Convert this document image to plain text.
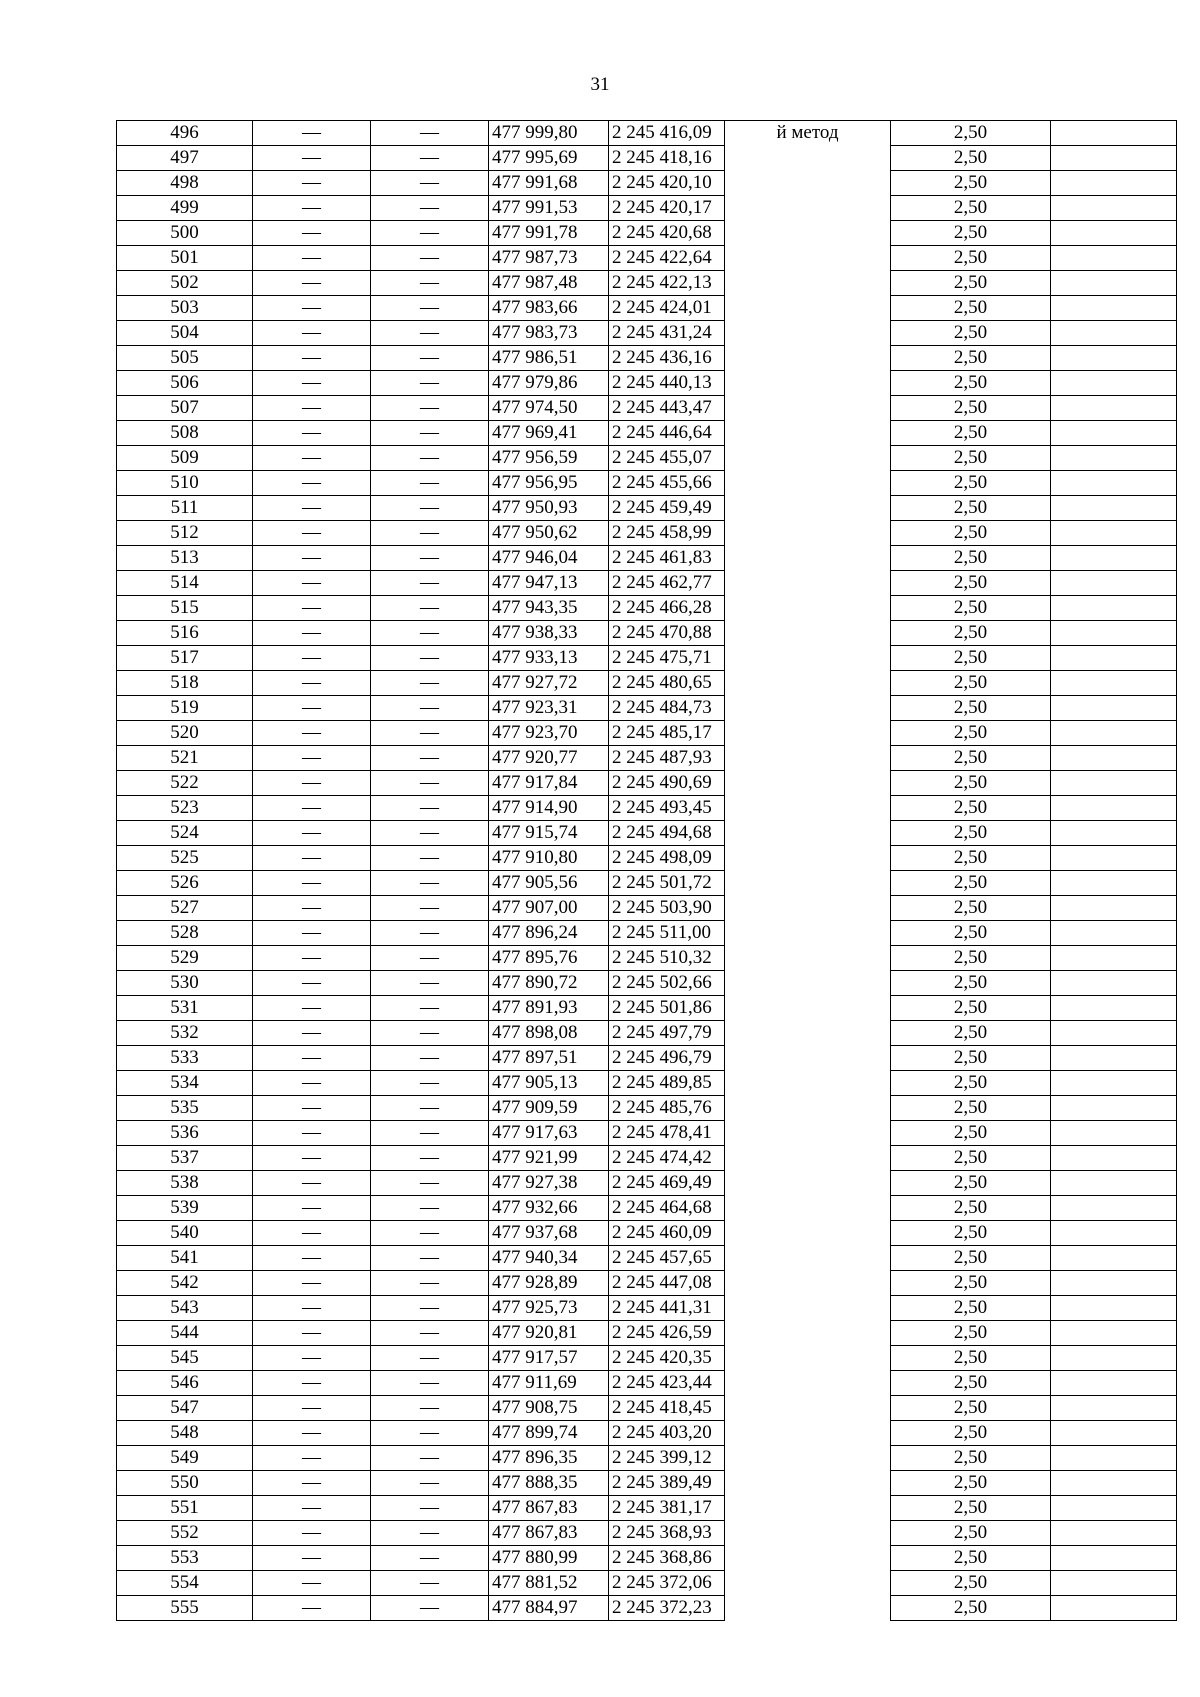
31
496	—	—	477 999,80	2 245 416,09	й метод	2,50	
497	—	—	477 995,69	2 245 418,16		2,50	
498	—	—	477 991,68	2 245 420,10		2,50	
499	—	—	477 991,53	2 245 420,17		2,50	
500	—	—	477 991,78	2 245 420,68		2,50	
501	—	—	477 987,73	2 245 422,64		2,50	
502	—	—	477 987,48	2 245 422,13		2,50	
503	—	—	477 983,66	2 245 424,01		2,50	
504	—	—	477 983,73	2 245 431,24		2,50	
505	—	—	477 986,51	2 245 436,16		2,50	
506	—	—	477 979,86	2 245 440,13		2,50	
507	—	—	477 974,50	2 245 443,47		2,50	
508	—	—	477 969,41	2 245 446,64		2,50	
509	—	—	477 956,59	2 245 455,07		2,50	
510	—	—	477 956,95	2 245 455,66		2,50	
511	—	—	477 950,93	2 245 459,49		2,50	
512	—	—	477 950,62	2 245 458,99		2,50	
513	—	—	477 946,04	2 245 461,83		2,50	
514	—	—	477 947,13	2 245 462,77		2,50	
515	—	—	477 943,35	2 245 466,28		2,50	
516	—	—	477 938,33	2 245 470,88		2,50	
517	—	—	477 933,13	2 245 475,71		2,50	
518	—	—	477 927,72	2 245 480,65		2,50	
519	—	—	477 923,31	2 245 484,73		2,50	
520	—	—	477 923,70	2 245 485,17		2,50	
521	—	—	477 920,77	2 245 487,93		2,50	
522	—	—	477 917,84	2 245 490,69		2,50	
523	—	—	477 914,90	2 245 493,45		2,50	
524	—	—	477 915,74	2 245 494,68		2,50	
525	—	—	477 910,80	2 245 498,09		2,50	
526	—	—	477 905,56	2 245 501,72		2,50	
527	—	—	477 907,00	2 245 503,90		2,50	
528	—	—	477 896,24	2 245 511,00		2,50	
529	—	—	477 895,76	2 245 510,32		2,50	
530	—	—	477 890,72	2 245 502,66		2,50	
531	—	—	477 891,93	2 245 501,86		2,50	
532	—	—	477 898,08	2 245 497,79		2,50	
533	—	—	477 897,51	2 245 496,79		2,50	
534	—	—	477 905,13	2 245 489,85		2,50	
535	—	—	477 909,59	2 245 485,76		2,50	
536	—	—	477 917,63	2 245 478,41		2,50	
537	—	—	477 921,99	2 245 474,42		2,50	
538	—	—	477 927,38	2 245 469,49		2,50	
539	—	—	477 932,66	2 245 464,68		2,50	
540	—	—	477 937,68	2 245 460,09		2,50	
541	—	—	477 940,34	2 245 457,65		2,50	
542	—	—	477 928,89	2 245 447,08		2,50	
543	—	—	477 925,73	2 245 441,31		2,50	
544	—	—	477 920,81	2 245 426,59		2,50	
545	—	—	477 917,57	2 245 420,35		2,50	
546	—	—	477 911,69	2 245 423,44		2,50	
547	—	—	477 908,75	2 245 418,45		2,50	
548	—	—	477 899,74	2 245 403,20		2,50	
549	—	—	477 896,35	2 245 399,12		2,50	
550	—	—	477 888,35	2 245 389,49		2,50	
551	—	—	477 867,83	2 245 381,17		2,50	
552	—	—	477 867,83	2 245 368,93		2,50	
553	—	—	477 880,99	2 245 368,86		2,50	
554	—	—	477 881,52	2 245 372,06		2,50	
555	—	—	477 884,97	2 245 372,23		2,50	
